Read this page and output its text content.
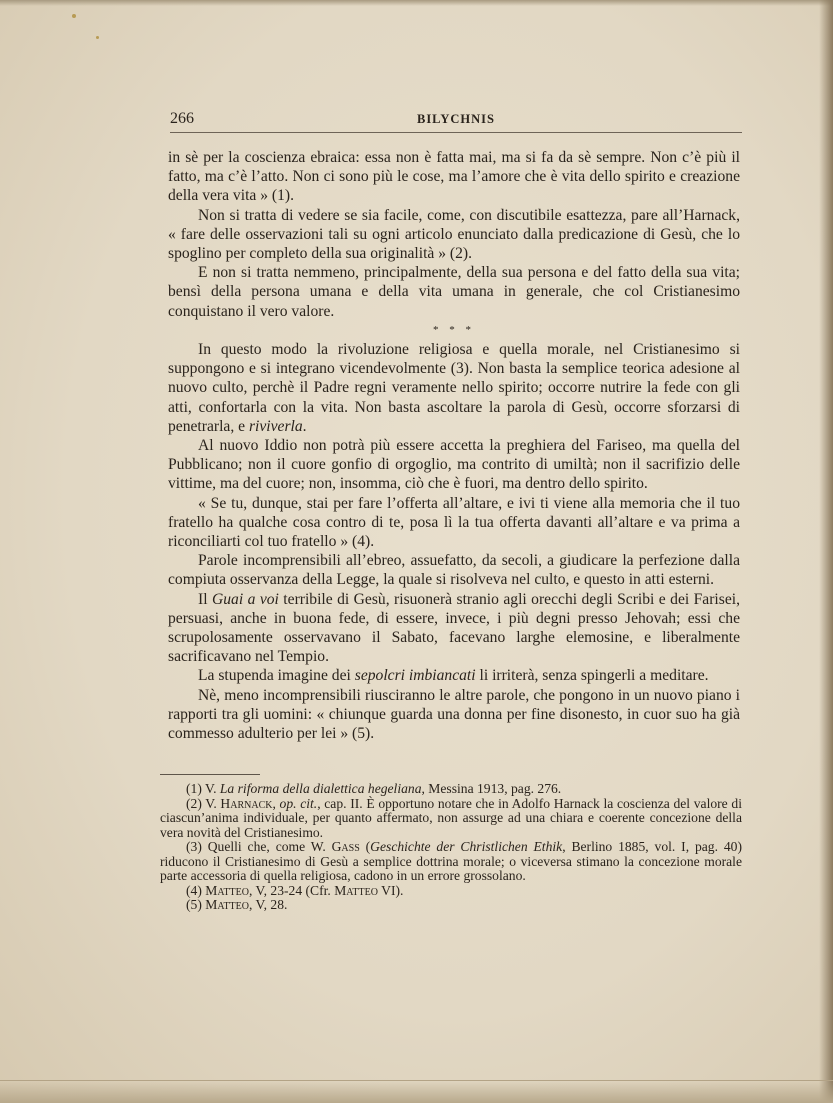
266	BILYCHNIS

in sè per la coscienza ebraica: essa non è fatta mai, ma si fa da sè sempre. Non c’è più il fatto, ma c’è l’atto. Non ci sono più le cose, ma l’amore che è vita dello spirito e creazione della vera vita » (1).

Non si tratta di vedere se sia facile, come, con discutibile esattezza, pare all’Harnack, « fare delle osservazioni tali su ogni articolo enunciato dalla predicazione di Gesù, che lo spoglino per completo della sua originalità » (2).

E non si tratta nemmeno, principalmente, della sua persona e del fatto della sua vita; bensì della persona umana e della vita umana in generale, che col Cristianesimo conquistano il vero valore.

* * *

In questo modo la rivoluzione religiosa e quella morale, nel Cristianesimo si suppongono e si integrano vicendevolmente (3). Non basta la semplice teorica adesione al nuovo culto, perchè il Padre regni veramente nello spirito; occorre nutrire la fede con gli atti, confortarla con la vita. Non basta ascoltare la parola di Gesù, occorre sforzarsi di penetrarla, e riviverla.

Al nuovo Iddio non potrà più essere accetta la preghiera del Fariseo, ma quella del Pubblicano; non il cuore gonfio di orgoglio, ma contrito di umiltà; non il sacrifizio delle vittime, ma del cuore; non, insomma, ciò che è fuori, ma dentro dello spirito.

« Se tu, dunque, stai per fare l’offerta all’altare, e ivi ti viene alla memoria che il tuo fratello ha qualche cosa contro di te, posa lì la tua offerta davanti all’altare e va prima a riconciliarti col tuo fratello » (4).

Parole incomprensibili all’ebreo, assuefatto, da secoli, a giudicare la perfezione dalla compiuta osservanza della Legge, la quale si risolveva nel culto, e questo in atti esterni.

Il Guai a voi terribile di Gesù, risuonerà stranio agli orecchi degli Scribi e dei Farisei, persuasi, anche in buona fede, di essere, invece, i più degni presso Jehovah; essi che scrupolosamente osservavano il Sabato, facevano larghe elemosine, e liberalmente sacrificavano nel Tempio.

La stupenda imagine dei sepolcri imbiancati li irriterà, senza spingerli a meditare.

Nè, meno incomprensibili riusciranno le altre parole, che pongono in un nuovo piano i rapporti tra gli uomini: « chiunque guarda una donna per fine disonesto, in cuor suo ha già commesso adulterio per lei » (5).

(1) V. La riforma della dialettica hegeliana, Messina 1913, pag. 276.

(2) V. Harnack, op. cit., cap. II. È opportuno notare che in Adolfo Harnack la coscienza del valore di ciascun’anima individuale, per quanto affermato, non assurge ad una chiara e coerente concezione della vera novità del Cristianesimo.

(3) Quelli che, come W. Gass (Geschichte der Christlichen Ethik, Berlino 1885, vol. I, pag. 40) riducono il Cristianesimo di Gesù a semplice dottrina morale; o viceversa stimano la concezione morale parte accessoria di quella religiosa, cadono in un errore grossolano.

(4) Matteo, V, 23-24 (Cfr. Matteo VI).

(5) Matteo, V, 28.
